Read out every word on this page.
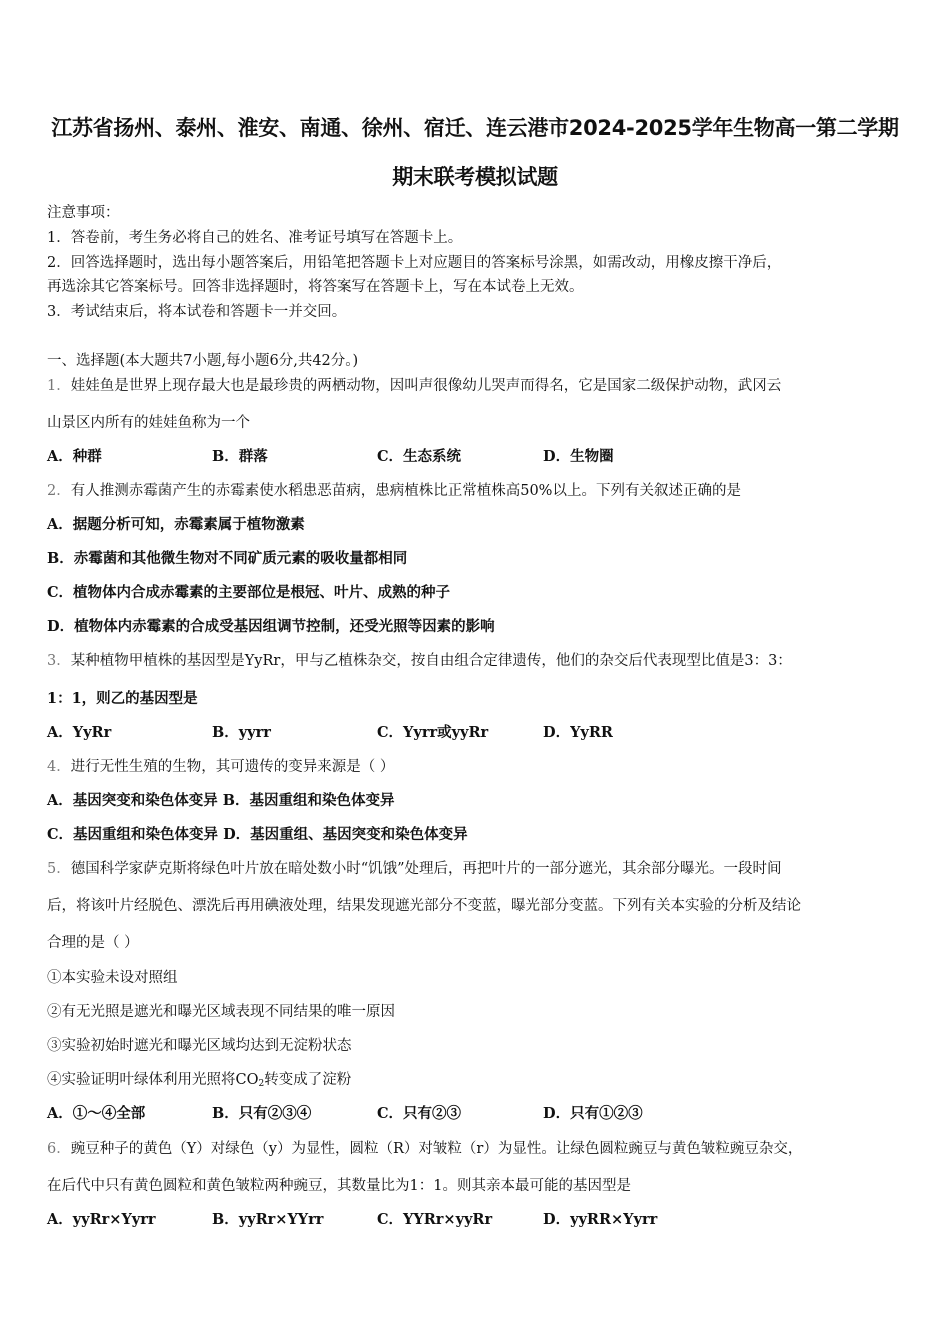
江苏省扬州、泰州、淮安、南通、徐州、宿迁、连云港市2024-2025学年生物高一第二学期
期末联考模拟试题
注意事项：
1．答卷前，考生务必将自己的姓名、准考证号填写在答题卡上。
2．回答选择题时，选出每小题答案后，用铅笔把答题卡上对应题目的答案标号涂黑，如需改动，用橡皮擦干净后，
再选涂其它答案标号。回答非选择题时，将答案写在答题卡上，写在本试卷上无效。
3．考试结束后，将本试卷和答题卡一并交回。
一、选择题(本大题共7小题,每小题6分,共42分。)
1．娃娃鱼是世界上现存最大也是最珍贵的两栖动物，因叫声很像幼儿哭声而得名，它是国家二级保护动物，武冈云
山景区内所有的娃娃鱼称为一个
A．种群	B．群落	C．生态系统	D．生物圈
2．有人推测赤霉菌产生的赤霉素使水稻患恶苗病，患病植株比正常植株高50%以上。下列有关叙述正确的是
A．据题分析可知，赤霉素属于植物激素
B．赤霉菌和其他微生物对不同矿质元素的吸收量都相同
C．植物体内合成赤霉素的主要部位是根冠、叶片、成熟的种子
D．植物体内赤霉素的合成受基因组调节控制，还受光照等因素的影响
3．某种植物甲植株的基因型是YyRr，甲与乙植株杂交，按自由组合定律遗传，他们的杂交后代表现型比值是3：3：
1：1，则乙的基因型是
A．YyRr	B．yyrr	C．Yyrr或yyRr	D．YyRR
4．进行无性生殖的生物，其可遗传的变异来源是（ ）
A．基因突变和染色体变异 B．基因重组和染色体变异
C．基因重组和染色体变异 D．基因重组、基因突变和染色体变异
5．德国科学家萨克斯将绿色叶片放在暗处数小时“饥饿”处理后，再把叶片的一部分遮光，其余部分曝光。一段时间
后，将该叶片经脱色、漂洗后再用碘液处理，结果发现遮光部分不变蓝，曝光部分变蓝。下列有关本实验的分析及结论
合理的是（ ）
①本实验未设对照组
②有无光照是遮光和曝光区域表现不同结果的唯一原因
③实验初始时遮光和曝光区域均达到无淀粉状态
④实验证明叶绿体利用光照将$CO_2$转变成了淀粉
A．①～④全部	B．只有②③④	C．只有②③	D．只有①②③
6．豌豆种子的黄色（Y）对绿色（y）为显性，圆粒（R）对皱粒（r）为显性。让绿色圆粒豌豆与黄色皱粒豌豆杂交，
在后代中只有黄色圆粒和黄色皱粒两种豌豆，其数量比为1：1。则其亲本最可能的基因型是
A．yyRr×Yyrr	B．yyRr×YYrr	C．YYRr×yyRr	D．yyRR×Yyrr
